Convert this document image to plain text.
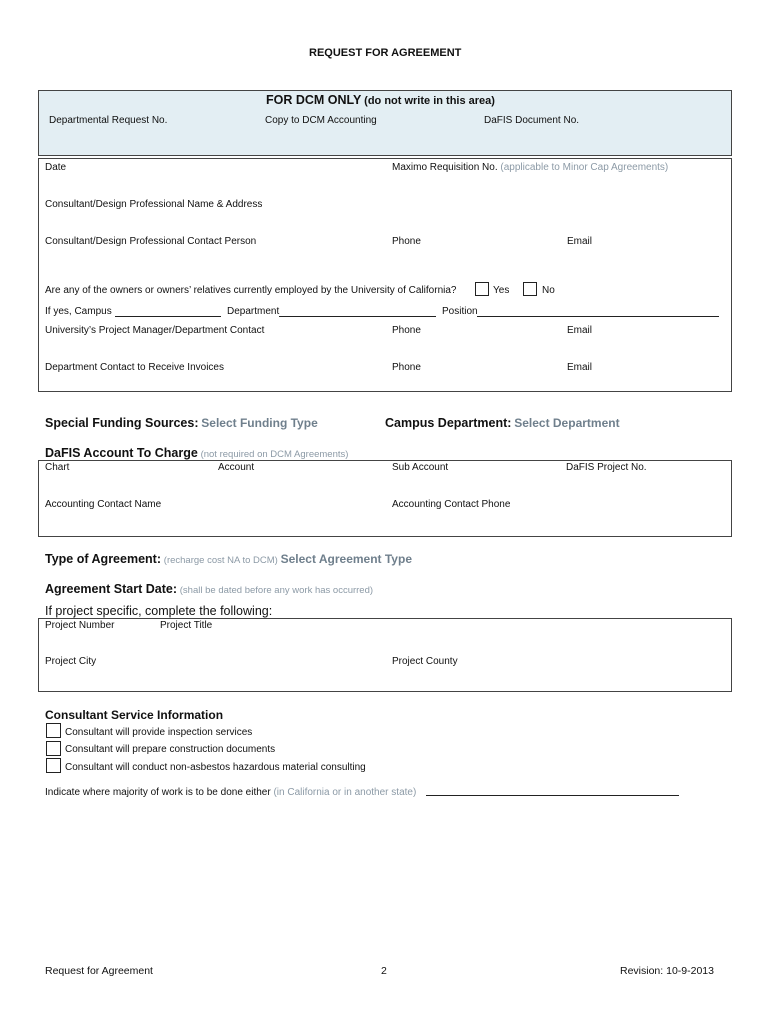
REQUEST FOR AGREEMENT
FOR DCM ONLY (do not write in this area)
Departmental Request No.	Copy to DCM Accounting	DaFIS Document No.
Date	Maximo Requisition No. (applicable to Minor Cap Agreements)
Consultant/Design Professional Name & Address
Consultant/Design Professional Contact Person	Phone	Email
Are any of the owners or owners’ relatives currently employed by the University of California?	Yes	No
If yes, Campus	Department	Position
University’s Project Manager/Department Contact	Phone	Email
Department Contact to Receive Invoices	Phone	Email
Special Funding Sources: Select Funding Type	Campus Department: Select Department
DaFIS Account To Charge (not required on DCM Agreements)
Chart	Account	Sub Account	DaFIS Project No.
Accounting Contact Name	Accounting Contact Phone
Type of Agreement: (recharge cost NA to DCM) Select Agreement Type
Agreement Start Date: (shall be dated before any work has occurred)
If project specific, complete the following:
Project Number	Project Title
Project City	Project County
Consultant Service Information
Consultant will provide inspection services
Consultant will prepare construction documents
Consultant will conduct non-asbestos hazardous material consulting
Indicate where majority of work is to be done either (in California or in another state)
Request for Agreement	2	Revision: 10-9-2013
